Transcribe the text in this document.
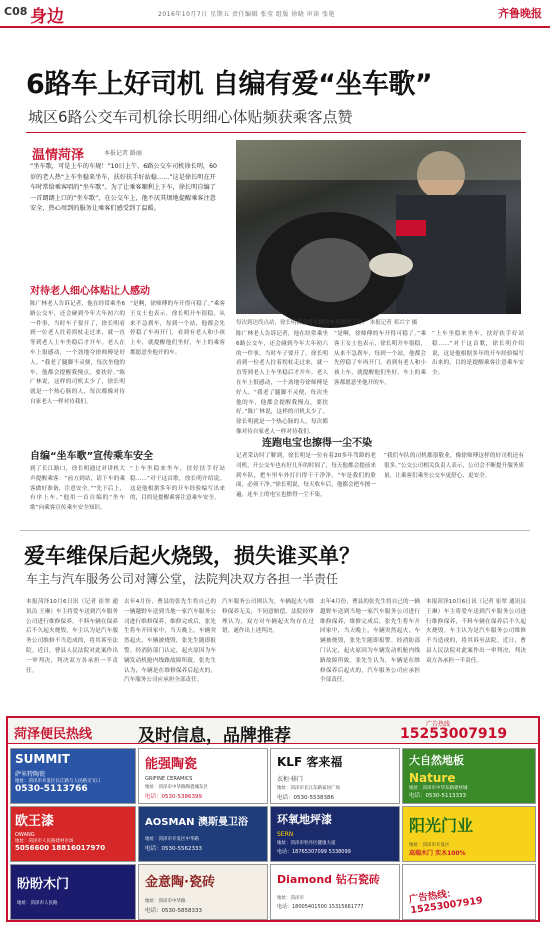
C08 身边	2016年10月7日 星期五 责任编辑 张莹 组版 徐晓 审读 张艳	齐鲁晚报
6路车上好司机 自编有爱“坐车歌”
城区6路公交车司机徐长明细心体贴频获乘客点赞
温情菏泽	本报记者 路丽
“坐车歌，可是上车的车规！”10日上午，6路公交车司机徐长明，60岁的老人热“上车坐稳来坐车，扶好扶手好站稳……”这是徐长明在开车时常给乘客唱的“坐车歌”。为了让乘客顺利上下车，徐长明自编了一首朗朗上口的“坐车歌”，在公交车上，他不厌其烦地提醒乘客注意安全，热心周到的服务让乘客们感受到了温暖。
每次到达终点站，徐长明都会将车辆的车顶擦洗干净。 本报记者 邓兴宇 摄
对待老人细心体贴让人感动
陈广林老人告诉记者，他在经常乘坐6路公交车，还会碰到今年大年初六的一件事，当时车子要开了，徐长明看到一位老人拄着拐杖走过来，就一直等到老人上车坐稳后才开车。老人在车上很感动，一个劲地夸徐师傅是好人。“我老了腿脚不灵便，每次坐他的车，他都会提醒我慢点，要扶好。”陈广林说，这样的司机太少了，徐长明就是一个热心肠的人，每次都像对待自家老人一样对待我们。
“是啊，徐师傅的车开得可稳了。”乘客王女士也表示，徐长明开车很稳，从来不急刹车，每到一个站，他都会先停稳了车再开门，看到有老人和小孩上车，就提醒他们坐好，车上的乘客都愿意坐他开的车。
自编“坐车歌”宣传乘车安全
到了长江路口，徐长明通过对讲机大声提醒乘客：“前方到站，请下车的乘客做好准备，注意安全。”“先下后上，有序上车。”他用一首自编的“坐车歌”向乘客宣传乘车安全知识。
“上车坐稳来坐车，扶好扶手好站稳……”对于这首歌，徐长明介绍说，这是他根据多年的开车经验编写出来的，目的是提醒乘客注意乘车安全。
陈广林老人告诉记者，他在经常乘坐6路公交车，还会碰到今年大年初六的一件事，当时车子要开了，徐长明看到一位老人拄着拐杖走过来，就一直等到老人上车坐稳后才开车。老人在车上很感动，一个劲地夸徐师傅是好人。“我老了腿脚不灵便，每次坐他的车，他都会提醒我慢点，要扶好。”陈广林说，这样的司机太少了，徐长明就是一个热心肠的人，每次都像对待自家老人一样对待我们。
“是啊，徐师傅的车开得可稳了。”乘客王女士也表示，徐长明开车很稳，从来不急刹车，每到一个站，他都会先停稳了车再开门，看到有老人和小孩上车，就提醒他们坐好，车上的乘客都愿意坐他开的车。
“上车坐稳来坐车，扶好扶手好站稳……”对于这首歌，徐长明介绍说，这是他根据多年的开车经验编写出来的，目的是提醒乘客注意乘车安全。
连跑电宝也擦得一尘不染
记者采访时了解到，徐长明是一位有着20多年驾龄的老司机，开公交车也有好几年的时间了，每天他都会提前来到车队，把车里车外打扫得干干净净。“车是我们的脸面，必须干净。”徐长明说，每天收车后，他都会把车擦一遍，连车上的电宝也擦得一尘不染。
“我们车队的司机都很敬业，像徐师傅这样的好司机还有很多。”公交公司相关负责人表示，公司会不断提升服务质量，让乘客们乘坐公交车更舒心、更安全。
爱车维保后起火烧毁，损失谁买单？
车主与汽车服务公司对簿公堂，法院判决双方各担一半责任
本报菏泽10月6日讯（记者 崔翠 通讯员 王琳）车主将爱车送到汽车服务公司进行维修保养，不料车辆在保养后不久起火烧毁。车主认为是汽车服务公司维修不当造成的，将其诉至法院。近日，曹县人民法院对此案作出一审判决，判决双方各承担一半责任。
去年4月份，曹县的张先生将自己的一辆越野车送到当地一家汽车服务公司进行维修保养，维修完成后，张先生将车开回家中，当天晚上，车辆突然起火，车辆被烧毁，张先生随即报警。经消防部门认定，起火原因为车辆发动机舱内线路故障所致。张先生认为，车辆是在维修保养后起火的，汽车服务公司应承担全部责任。
汽车服务公司则认为，车辆起火与维修保养无关，不同意赔偿。法院经审理认为，双方对车辆起火均存在过错，遂作出上述判决。
去年4月份，曹县的张先生将自己的一辆越野车送到当地一家汽车服务公司进行维修保养，维修完成后，张先生将车开回家中，当天晚上，车辆突然起火，车辆被烧毁，张先生随即报警。经消防部门认定，起火原因为车辆发动机舱内线路故障所致。张先生认为，车辆是在维修保养后起火的，汽车服务公司应承担全部责任。
本报菏泽10月6日讯（记者 崔翠 通讯员 王琳）车主将爱车送到汽车服务公司进行维修保养，不料车辆在保养后不久起火烧毁。车主认为是汽车服务公司维修不当造成的，将其诉至法院。近日，曹县人民法院对此案作出一审判决，判决双方各承担一半责任。
菏泽便民热线	及时信息，品牌推荐
广告热线
15253007919
SUMMIT
萨米特陶瓷
地址：菏泽市开发区长江路与人民路交叉口
0530-5113766
能强陶瓷
GRIFINE CERAMICS
地址：菏泽市中华路陶瓷城东区
电话：0530-5386399
KLF 客来福
衣柜·移门
地址：菏泽市长江东路家居广场
电话：0530-5538386
大自然地板
Nature
地址：菏泽市中华东路建材城
电话：0530-5113333
欧王漆
OWANG
地址：菏泽市人民路建材市场
5056600 18816017970
AOSMAN 澳斯曼卫浴
地址：菏泽市开发区中华路
电话：0530-5562333
环氧地坪漆
SERN
地址：菏泽市牡丹区健康大道
电话：18765307099 5338099
阳光门业
地址：菏泽市开发区
高端木门 实木100%
盼盼木门
地址：菏泽市人民路
金意陶·瓷砖
地址：菏泽市中华路
电话：0530-5858333
Diamond 钻石瓷砖
地址：菏泽市
电话：18005401500 15315661777
广告热线：15253007919
